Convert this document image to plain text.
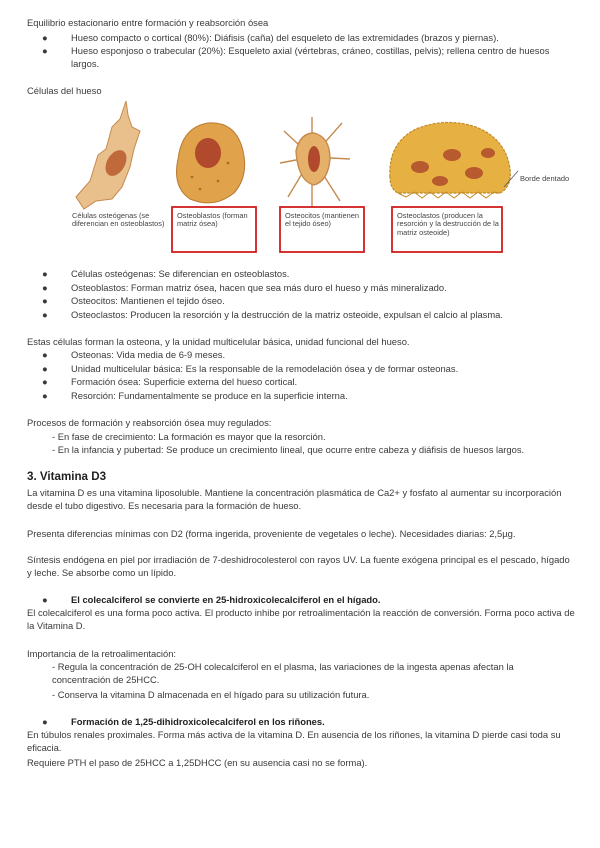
Equilibrio estacionario entre formación y reabsorción ósea
● Hueso compacto o cortical (80%): Diáfisis (caña) del esqueleto de las extremidades (brazos y piernas).
● Hueso esponjoso o trabecular (20%): Esqueleto axial (vértebras, cráneo, costillas, pelvis); rellena centro de huesos largos.
Células del hueso
Borde dentado
Células osteógenas (se diferencian en osteoblastos)
Osteoblastos (forman matriz ósea)
Osteocitos (mantienen el tejido óseo)
Osteoclastos (producen la resorción y la destrucción de la matriz osteoide)
● Células osteógenas: Se diferencian en osteoblastos.
● Osteoblastos: Forman matriz ósea, hacen que sea más duro el hueso y más mineralizado.
● Osteocitos: Mantienen el tejido óseo.
● Osteoclastos: Producen la resorción y la destrucción de la matriz osteoide, expulsan el calcio al plasma.
Estas células forman la osteona, y la unidad multicelular básica, unidad funcional del hueso.
● Osteonas: Vida media de 6-9 meses.
● Unidad multicelular básica: Es la responsable de la remodelación ósea y de formar osteonas.
● Formación ósea: Superficie externa del hueso cortical.
● Resorción: Fundamentalmente se produce en la superficie interna.
Procesos de formación y reabsorción ósea muy regulados:
- En fase de crecimiento: La formación es mayor que la resorción.
- En la infancia y pubertad: Se produce un crecimiento lineal, que ocurre entre cabeza y diáfisis de huesos largos.
3. Vitamina D3
La vitamina D es una vitamina liposoluble. Mantiene la concentración plasmática de Ca2+ y fosfato al aumentar su incorporación desde el tubo digestivo. Es necesaria para la formación de hueso.
Presenta diferencias mínimas con D2 (forma ingerida, proveniente de vegetales o leche). Necesidades diarias: 2,5µg.
Síntesis endógena en piel por irradiación de 7-deshidrocolesterol con rayos UV. La fuente exógena principal es el pescado, hígado y leche. Se absorbe como un lípido.
● El colecalciferol se convierte en 25-hidroxicolecalciferol en el hígado.
El colecalciferol es una forma poco activa. El producto inhibe por retroalimentación la reacción de conversión. Forma poco activa de la Vitamina D.
Importancia de la retroalimentación:
- Regula la concentración de 25-OH colecalciferol en el plasma, las variaciones de la ingesta apenas afectan la concentración de 25HCC.
- Conserva la vitamina D almacenada en el hígado para su utilización futura.
● Formación de 1,25-dihidroxicolecalciferol en los riñones.
En túbulos renales proximales. Forma más activa de la vitamina D. En ausencia de los riñones, la vitamina D pierde casi toda su eficacia.
Requiere PTH el paso de 25HCC a 1,25DHCC (en su ausencia casi no se forma).
